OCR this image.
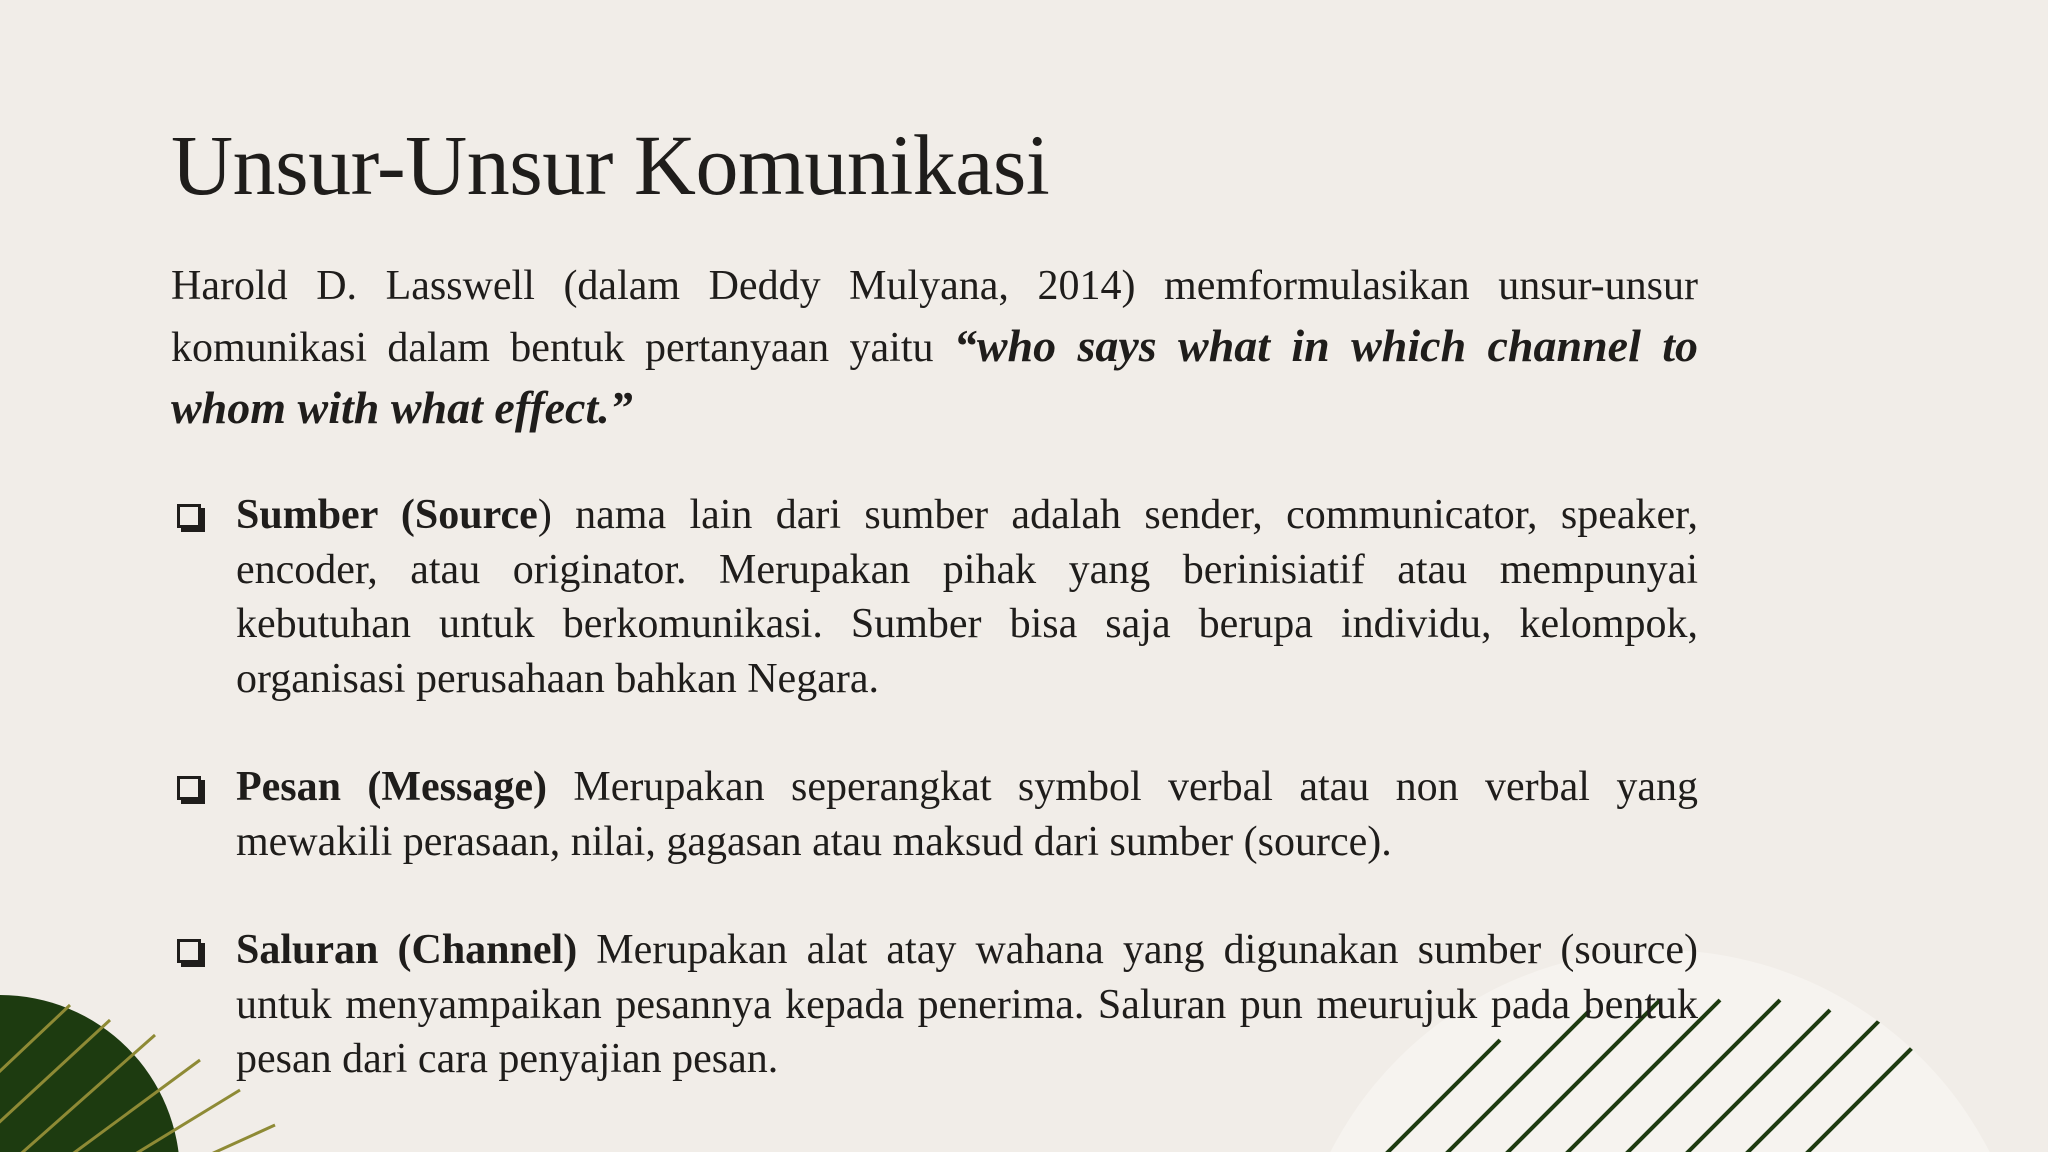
Unsur-Unsur Komunikasi

Harold D. Lasswell (dalam Deddy Mulyana, 2014) memformulasikan unsur-unsur komunikasi dalam bentuk pertanyaan yaitu “who says what in which channel to whom with what effect.”

Sumber (Source) nama lain dari sumber adalah sender, communicator, speaker, encoder, atau originator. Merupakan pihak yang berinisiatif atau mempunyai kebutuhan untuk berkomunikasi. Sumber bisa saja berupa individu, kelompok, organisasi perusahaan bahkan Negara.
Pesan (Message) Merupakan seperangkat symbol verbal atau non verbal yang mewakili perasaan, nilai, gagasan atau maksud dari sumber (source).
Saluran (Channel) Merupakan alat atay wahana yang digunakan sumber (source) untuk menyampaikan pesannya kepada penerima. Saluran pun meurujuk pada bentuk pesan dari cara penyajian pesan.
